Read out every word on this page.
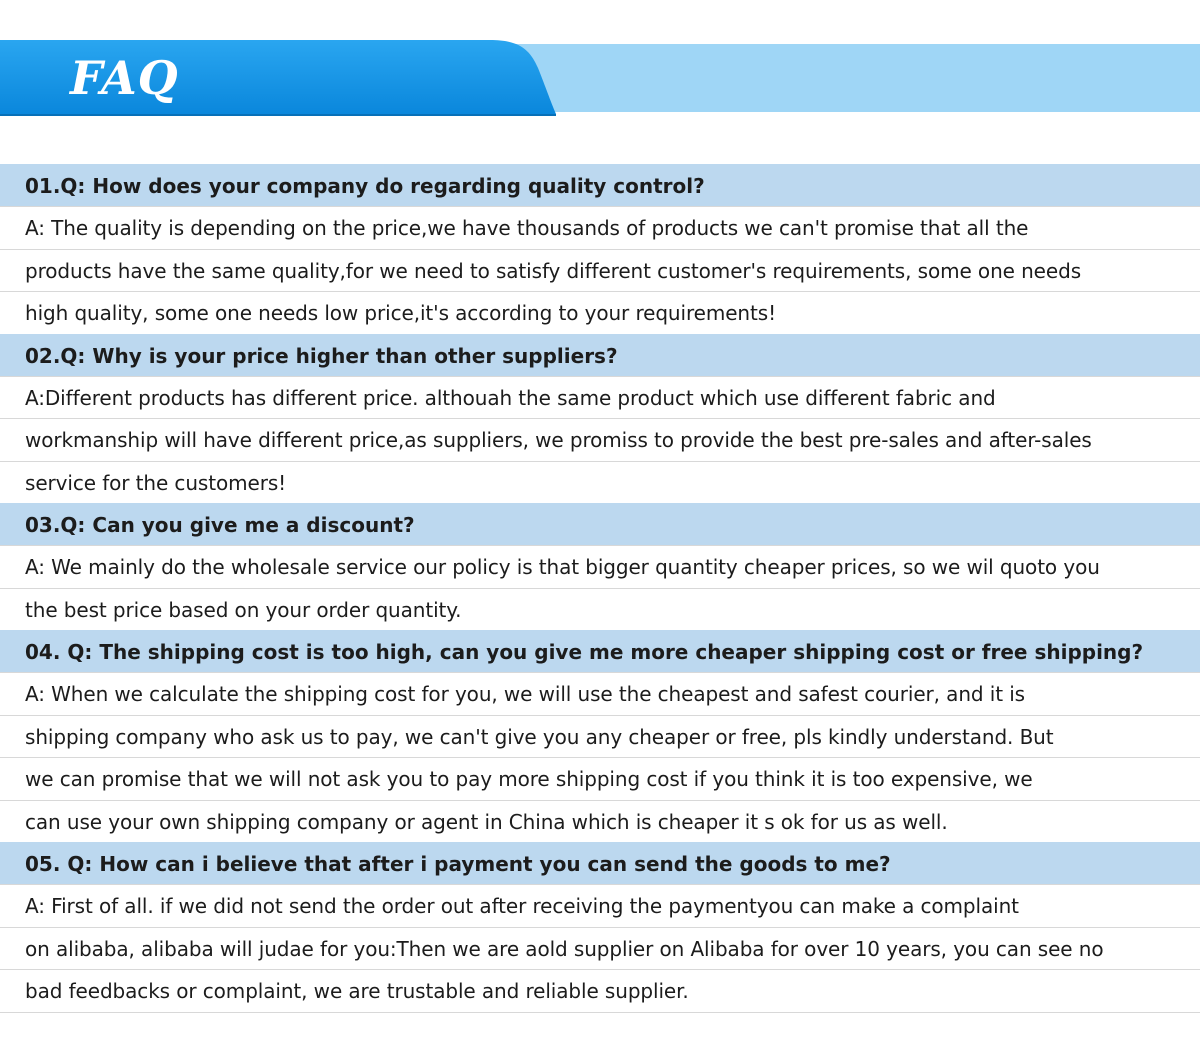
FAQ
01.Q: How does your company do regarding quality control?
A: The quality is depending on the price,we have thousands of products we can't promise that all the
products have the same quality,for we need to satisfy different customer's requirements, some one needs
high quality, some one needs low price,it's according to your requirements!
02.Q: Why is your price higher than other suppliers?
A:Different products has different price. althouah the same product which use different fabric and
workmanship will have different price,as suppliers, we promiss to provide the best pre-sales and after-sales
service for the customers!
03.Q: Can you give me a discount?
A: We mainly do the wholesale service our policy is that bigger quantity cheaper prices, so we wil quoto you
the best price based on your order quantity.
04. Q: The shipping cost is too high, can you give me more cheaper shipping cost or free shipping?
A: When we calculate the shipping cost for you, we will use the cheapest and safest courier, and it is
shipping company who ask us to pay, we can't give you any cheaper or free, pls kindly understand. But
we can promise that we will not ask you to pay more shipping cost if you think it is too expensive, we
can use your own shipping company or agent in China which is cheaper it s ok for us as well.
05. Q: How can i believe that after i payment you can send the goods to me?
A: First of all. if we did not send the order out after receiving the paymentyou can make a complaint
on alibaba, alibaba will judae for you:Then we are aold supplier on Alibaba for over 10 years, you can see no
bad feedbacks or complaint, we are trustable and reliable supplier.
